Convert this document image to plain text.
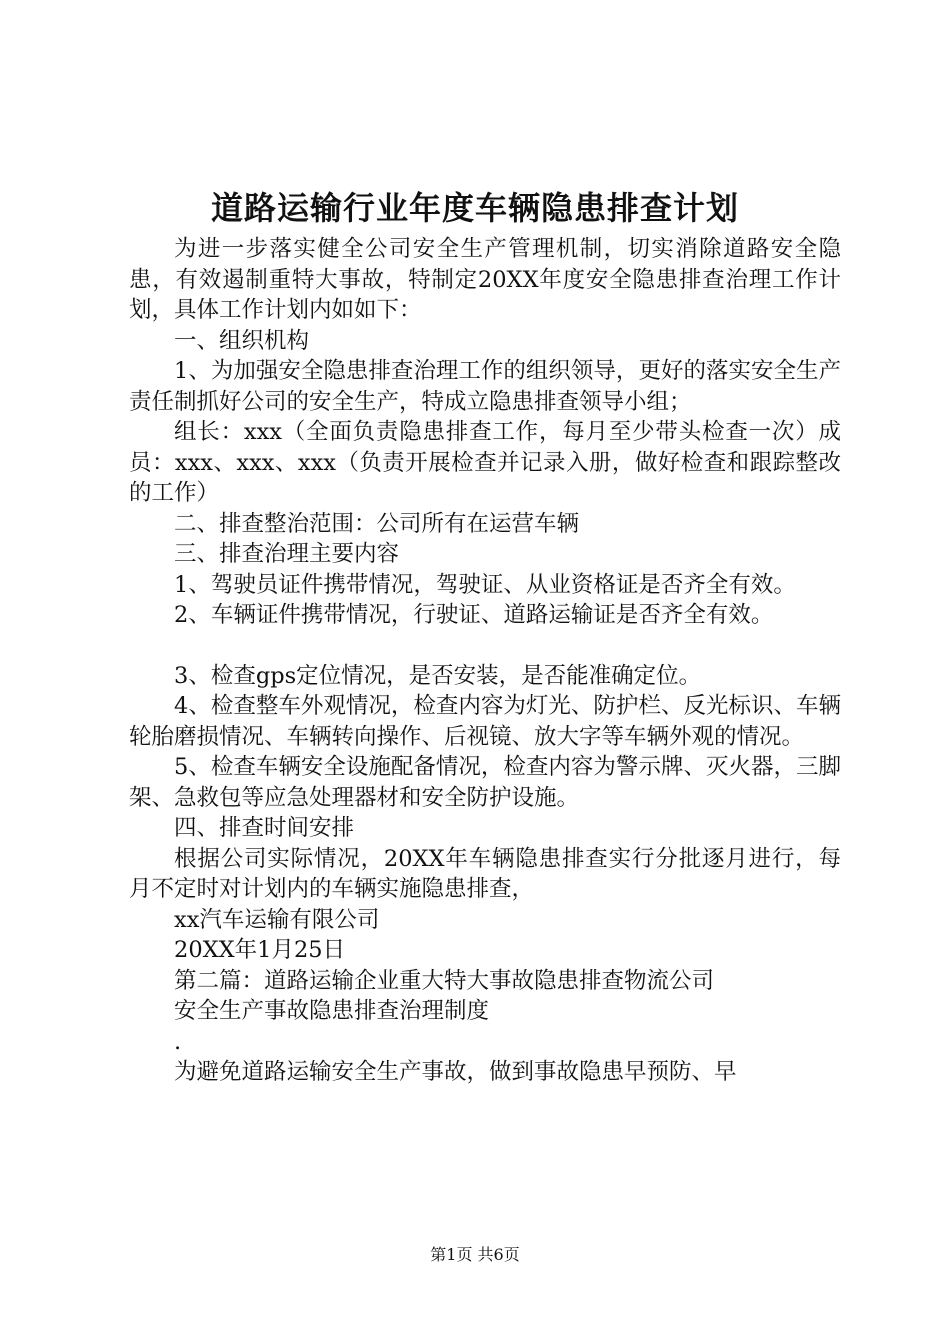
道路运输行业年度车辆隐患排查计划

为进一步落实健全公司安全生产管理机制，切实消除道路安全隐患，有效遏制重特大事故，特制定20XX年度安全隐患排查治理工作计划，具体工作计划内如如下：

一、组织机构

1、为加强安全隐患排查治理工作的组织领导，更好的落实安全生产责任制抓好公司的安全生产，特成立隐患排查领导小组；

组长：xxx（全面负责隐患排查工作，每月至少带头检查一次）成员：xxx、xxx、xxx（负责开展检查并记录入册，做好检查和跟踪整改的工作）

二、排查整治范围：公司所有在运营车辆

三、排查治理主要内容

1、驾驶员证件携带情况，驾驶证、从业资格证是否齐全有效。

2、车辆证件携带情况，行驶证、道路运输证是否齐全有效。

3、检查gps定位情况，是否安装，是否能准确定位。

4、检查整车外观情况，检查内容为灯光、防护栏、反光标识、车辆轮胎磨损情况、车辆转向操作、后视镜、放大字等车辆外观的情况。

5、检查车辆安全设施配备情况，检查内容为警示牌、灭火器，三脚架、急救包等应急处理器材和安全防护设施。

四、排查时间安排

根据公司实际情况，20XX年车辆隐患排查实行分批逐月进行，每月不定时对计划内的车辆实施隐患排查，

xx汽车运输有限公司

20XX年1月25日

第二篇：道路运输企业重大特大事故隐患排查物流公司

安全生产事故隐患排查治理制度

.

为避免道路运输安全生产事故，做到事故隐患早预防、早

第1页 共6页
